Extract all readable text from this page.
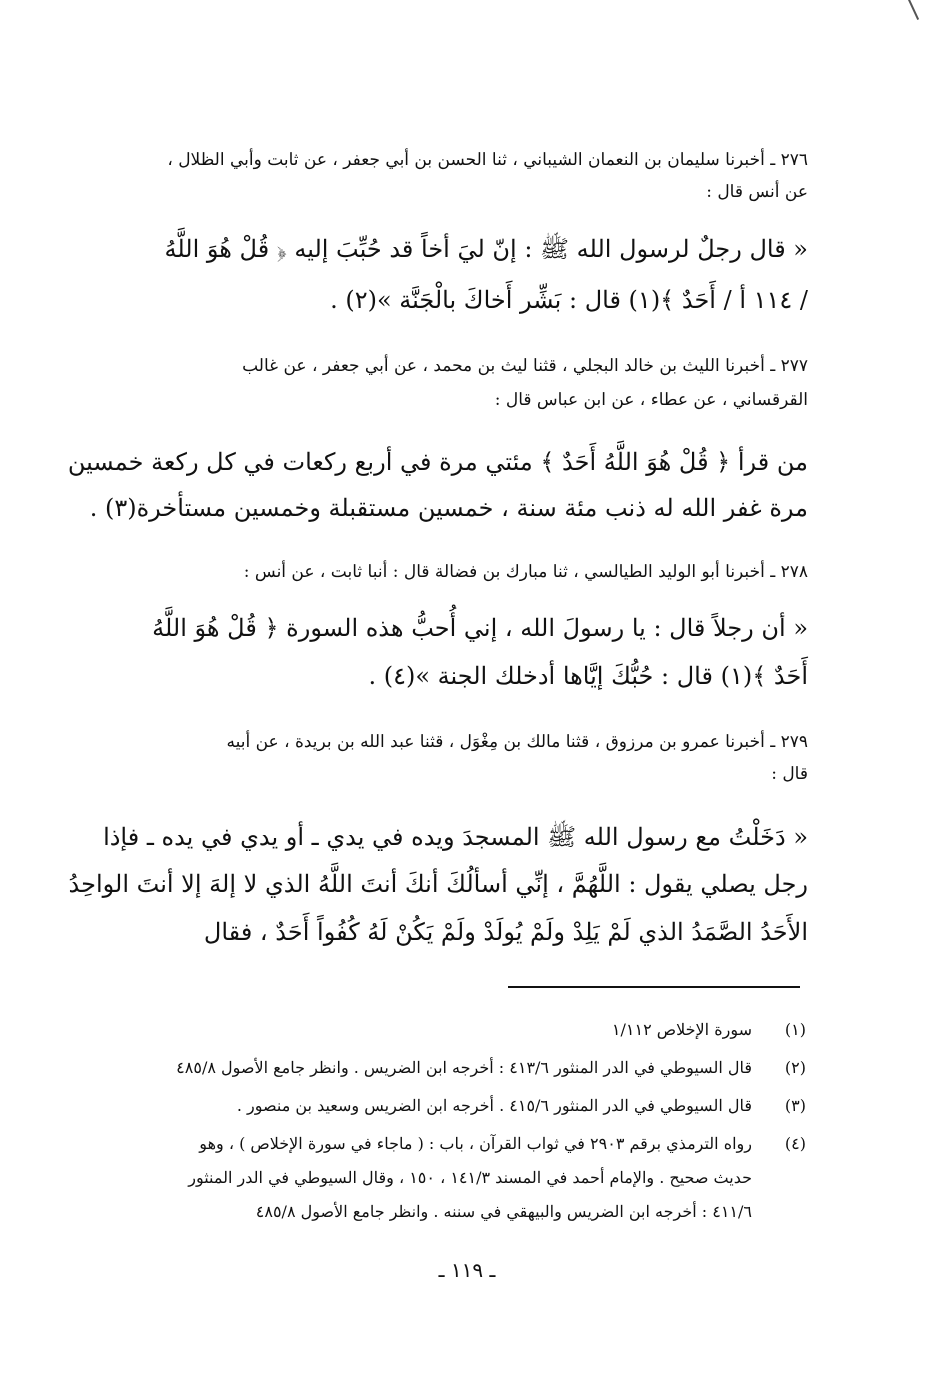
٢٧٦ ـ أخبرنا سليمان بن النعمان الشيباني ، ثنا الحسن بن أبي جعفر ، عن ثابت وأبي الظلال ،
عن أنس قال :
« قال رجلٌ لرسول الله ﷺ : إنّ ليَ أخاً قد حُبِّبَ إليه ﴿ قُلْ هُوَ اللَّهُ
/ ١١٤ أ / أَحَدٌ ﴾(١) قال : بَشِّر أَخاكَ بالْجَنَّة »(٢) .
٢٧٧ ـ أخبرنا الليث بن خالد البجلي ، قثنا ليث بن محمد ، عن أبي جعفر ، عن غالب
القرقساني ، عن عطاء ، عن ابن عباس قال :
من قرأ ﴿ قُلْ هُوَ اللَّهُ أَحَدٌ ﴾ مئتي مرة في أربع ركعات في كل ركعة خمسين
مرة غفر الله له ذنب مئة سنة ، خمسين مستقبلة وخمسين مستأخرة(٣) .
٢٧٨ ـ أخبرنا أبو الوليد الطيالسي ، ثنا مبارك بن فضالة قال : أنبا ثابت ، عن أنس :
« أن رجلاً قال : يا رسولَ الله ، إني أُحبُّ هذه السورة ﴿ قُلْ هُوَ اللَّهُ
أَحَدٌ ﴾(١) قال : حُبُّكَ إيَّاها أدخلك الجنة »(٤) .
٢٧٩ ـ أخبرنا عمرو بن مرزوق ، قثنا مالك بن مِغْوَل ، قثنا عبد الله بن بريدة ، عن أبيه
قال :
« دَخَلْتُ مع رسول الله ﷺ المسجدَ ويده في يدي ـ أو يدي في يده ـ فإذا
رجل يصلي يقول : اللَّهُمَّ ، إنِّي أسألُكَ أنكَ أنتَ اللَّهُ الذي لا إلهَ إلا أنتَ الواحِدُ
الأَحَدُ الصَّمَدُ الذي لَمْ يَلِدْ ولَمْ يُولَدْ ولَمْ يَكُنْ لَهُ كُفُواً أَحَدٌ ، فقال
(١)
سورة الإخلاص ١/١١٢
(٢)
قال السيوطي في الدر المنثور ٤١٣/٦ : أخرجه ابن الضريس . وانظر جامع الأصول ٤٨٥/٨
(٣)
قال السيوطي في الدر المنثور ٤١٥/٦ . أخرجه ابن الضريس وسعيد بن منصور .
(٤)
رواه الترمذي برقم ٢٩٠٣ في ثواب القرآن ، باب : ( ماجاء في سورة الإخلاص ) ، وهو
حديث صحيح . والإمام أحمد في المسند ١٤١/٣ ، ١٥٠ ، وقال السيوطي في الدر المنثور
٤١١/٦ : أخرجه ابن الضريس والبيهقي في سننه . وانظر جامع الأصول ٤٨٥/٨
ـ ١١٩ ـ
